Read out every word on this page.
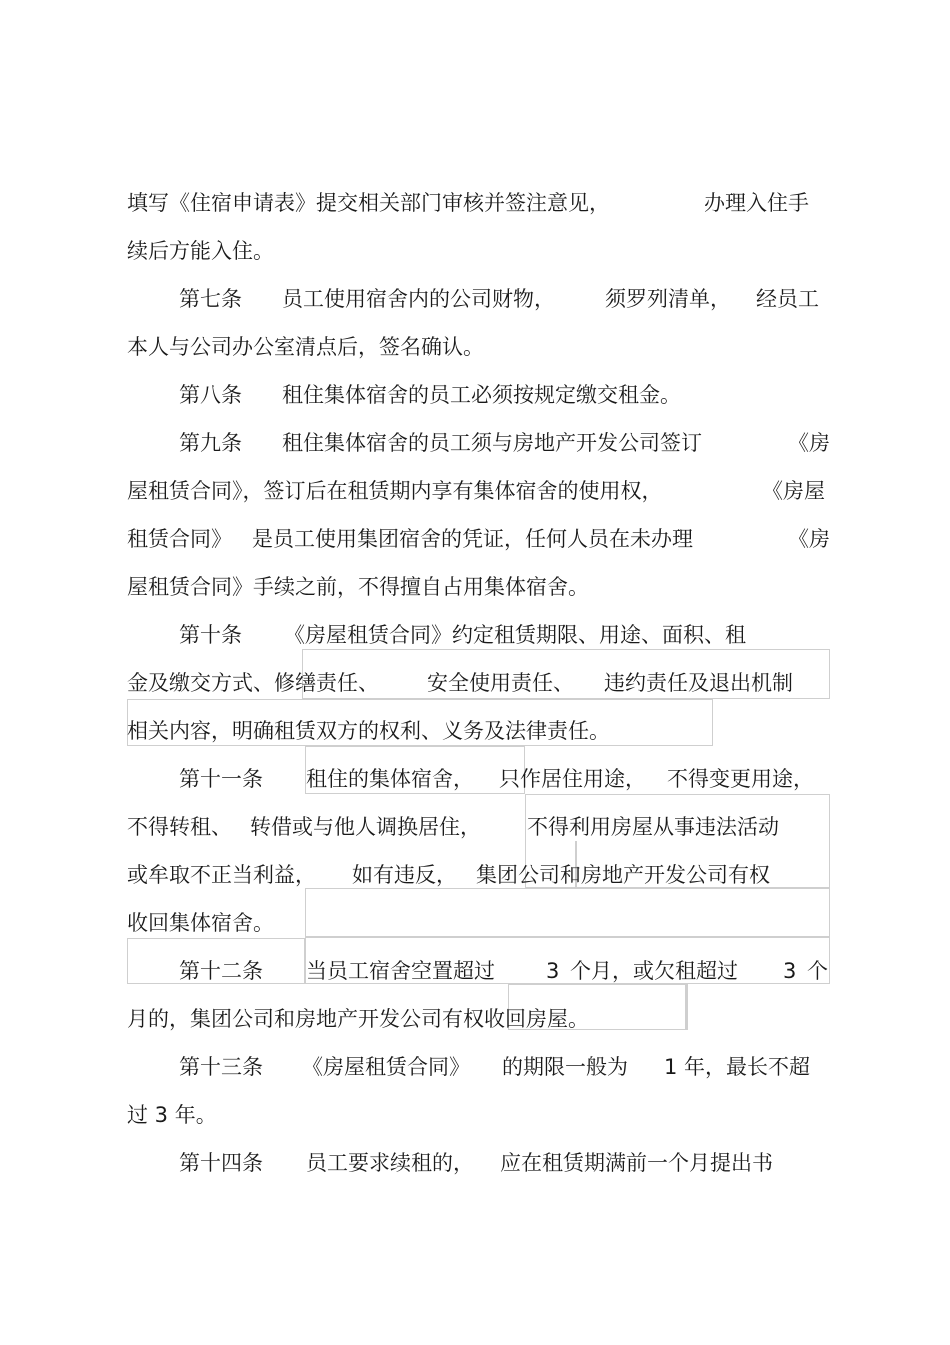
填写《住宿申请表》提交相关部门审核并签注意见，

	办理入住手

续后方能入住。

第七条

员工使用宿舍内的公司财物，

须罗列清单，

经员工

本人与公司办公室清点后，签名确认。

第八条

租住集体宿舍的员工必须按规定缴交租金。

第九条

租住集体宿舍的员工须与房地产开发公司签订

	《房

屋租赁合同》，签订后在租赁期内享有集体宿舍的使用权，

	《房屋

租赁合同》

是员工使用集团宿舍的凭证，任何人员在未办理

	《房

屋租赁合同》手续之前，不得擅自占用集体宿舍。

第十条

《房屋租赁合同》约定租赁期限、用途、面积、租

金及缴交方式、修缮责任、

安全使用责任、

违约责任及退出机制

相关内容，明确租赁双方的权利、义务及法律责任。

第十一条

租住的集体宿舍，

只作居住用途，

不得变更用途，

不得转租、

转借或与他人调换居住，

不得利用房屋从事违法活动

或牟取不正当利益，

如有违反，

集团公司和房地产开发公司有权

收回集体宿舍。

第十二条

当员工宿舍空置超过

3

个月，或欠租超过

3

个

月的，集团公司和房地产开发公司有权收回房屋。

第十三条

《房屋租赁合同》

的期限一般为

1

年，最长不超

过 3 年。

第十四条

员工要求续租的，

应在租赁期满前一个月提出书
